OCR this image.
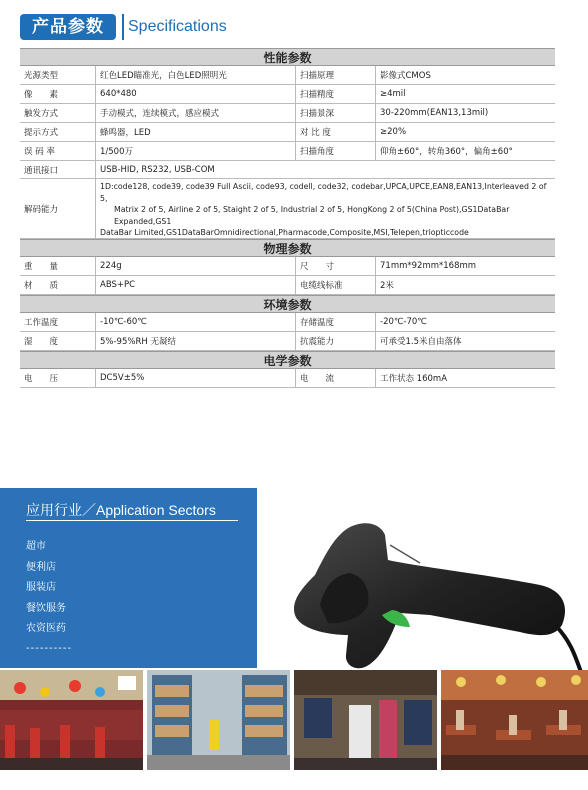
产品参数	Specifications
性能参数
光源类型	红色LED瞄准光，白色LED照明光	扫描原理	影像式CMOS
像　　素	640*480	扫描精度	≥4mil
触发方式	手动模式，连续模式，感应模式	扫描景深	30-220mm(EAN13,13mil)
提示方式	蜂鸣器，LED	对 比 度	≥20%
误 码 率	1/500万	扫描角度	仰角±60°，转角360°，偏角±60°
通讯接口	USB-HID, RS232, USB-COM
解码能力
1D:code128, code39, code39 Full Ascii, code93, codell, code32, codebar,UPCA,UPCE,EAN8,EAN13,Interleaved 2 of 5,
Matrix 2 of 5, Airline 2 of 5, Staight 2 of 5, Industrial 2 of 5, HongKong 2 of 5(China Post),GS1DataBar Expanded,GS1
DataBar Limited,GS1DataBarOmnidirectional,Pharmacode,Composite,MSI,Telepen,triopticcode
物理参数
重　　量	224g	尺　　寸	71mm*92mm*168mm
材　　质	ABS+PC	电缆线标准	2米
环境参数
工作温度	-10℃-60℃	存储温度	-20℃-70℃
湿　　度	5%-95%RH 无凝结	抗震能力	可承受1.5米自由落体
电学参数
电　　压	DC5V±5%	电　　流	工作状态 160mA
应用行业／Application Sectors
超市
便利店
服装店
餐饮服务
农资医药
----------
